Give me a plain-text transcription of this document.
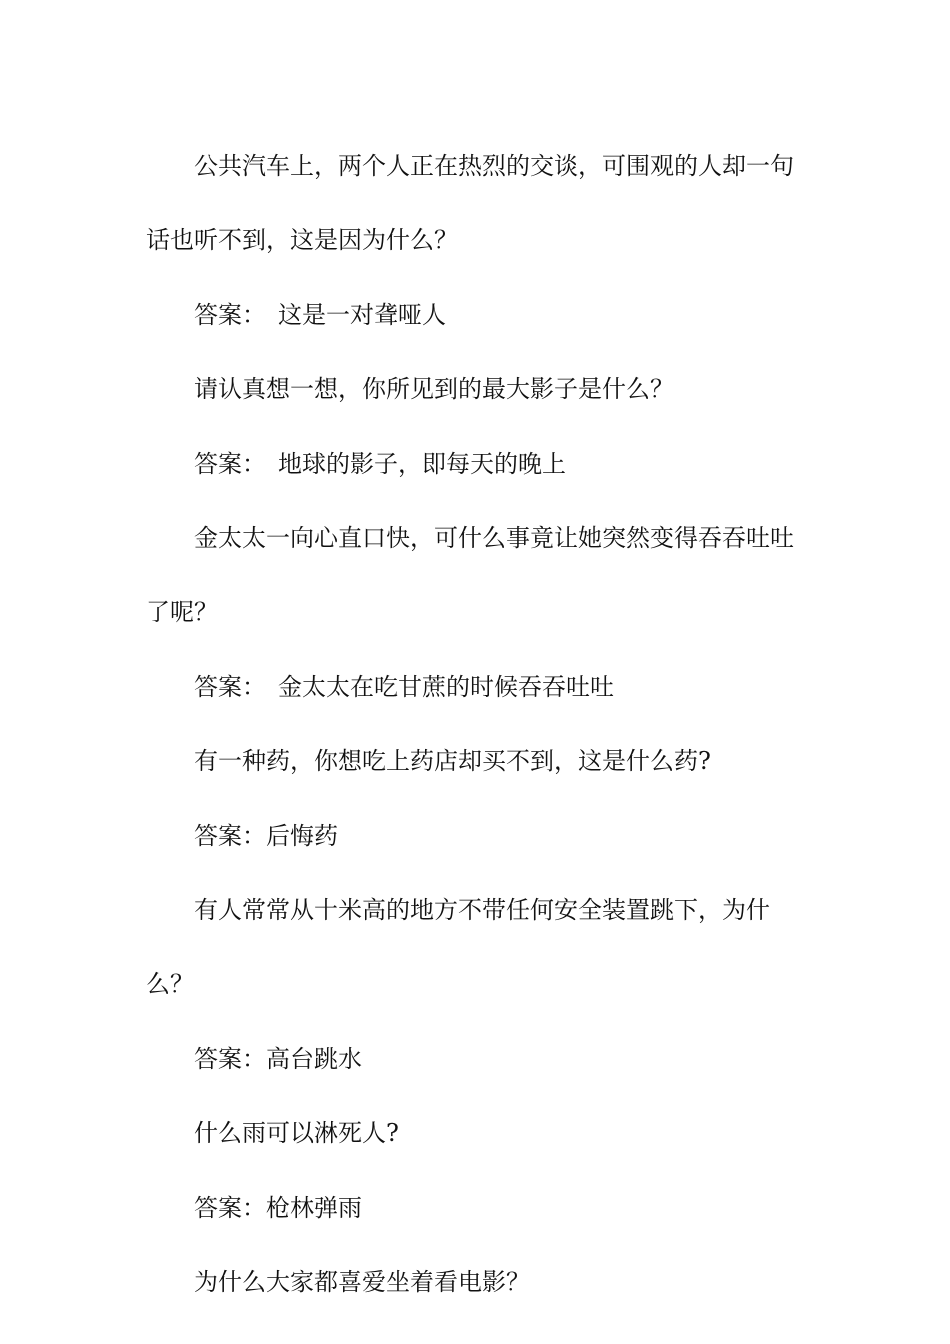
公共汽车上，两个人正在热烈的交谈，可围观的人却一句话也听不到，这是因为什么？

答案：　这是一对聋哑人

请认真想一想，你所见到的最大影子是什么？

答案：　地球的影子，即每天的晚上

金太太一向心直口快，可什么事竟让她突然变得吞吞吐吐了呢？

答案：　金太太在吃甘蔗的时候吞吞吐吐

有一种药，你想吃上药店却买不到，这是什么药?

答案：后悔药

有人常常从十米高的地方不带任何安全装置跳下，为什么？

答案：高台跳水

什么雨可以淋死人?

答案：枪林弹雨

为什么大家都喜爱坐着看电影？
